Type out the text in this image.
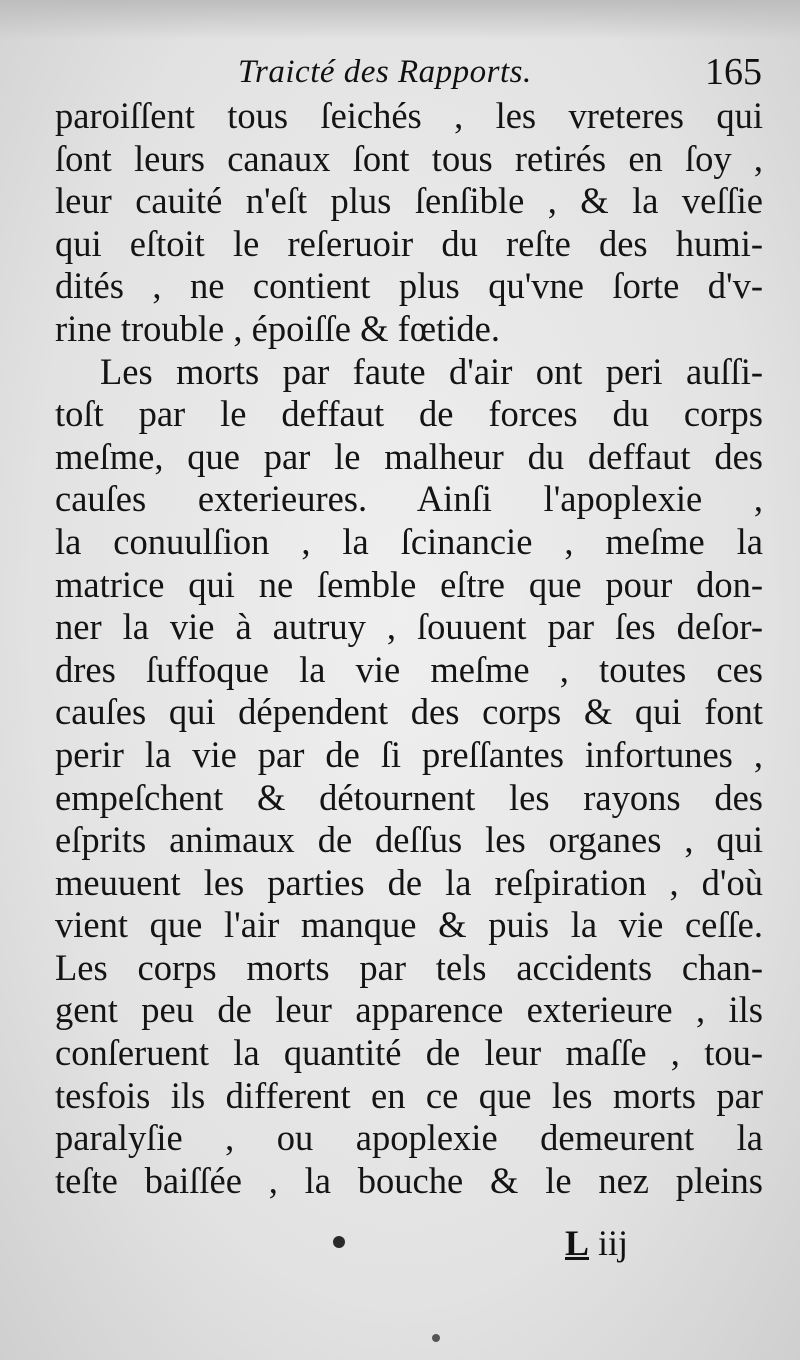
Traicté des Rapports.	165
paroiſſent tous ſeichés , les vreteres qui
ſont leurs canaux ſont tous retirés en ſoy ,
leur cauité n'eſt plus ſenſible , & la veſſie
qui eſtoit le reſeruoir du reſte des humi-
dités , ne contient plus qu'vne ſorte d'v-
rine trouble , époiſſe & fœtide.
Les morts par faute d'air ont peri auſſi-
toſt par le deffaut de forces du corps
meſme, que par le malheur du deffaut des
cauſes exterieures. Ainſi l'apoplexie ,
la conuulſion , la ſcinancie , meſme la
matrice qui ne ſemble eſtre que pour don-
ner la vie à autruy , ſouuent par ſes deſor-
dres ſuffoque la vie meſme , toutes ces
cauſes qui dépendent des corps & qui font
perir la vie par de ſi preſſantes infortunes ,
empeſchent & détournent les rayons des
eſprits animaux de deſſus les organes , qui
meuuent les parties de la reſpiration , d'où
vient que l'air manque & puis la vie ceſſe.
Les corps morts par tels accidents chan-
gent peu de leur apparence exterieure , ils
conſeruent la quantité de leur maſſe , tou-
tesfois ils different en ce que les morts par
paralyſie , ou apoplexie demeurent la
teſte baiſſée , la bouche & le nez pleins
L iij
